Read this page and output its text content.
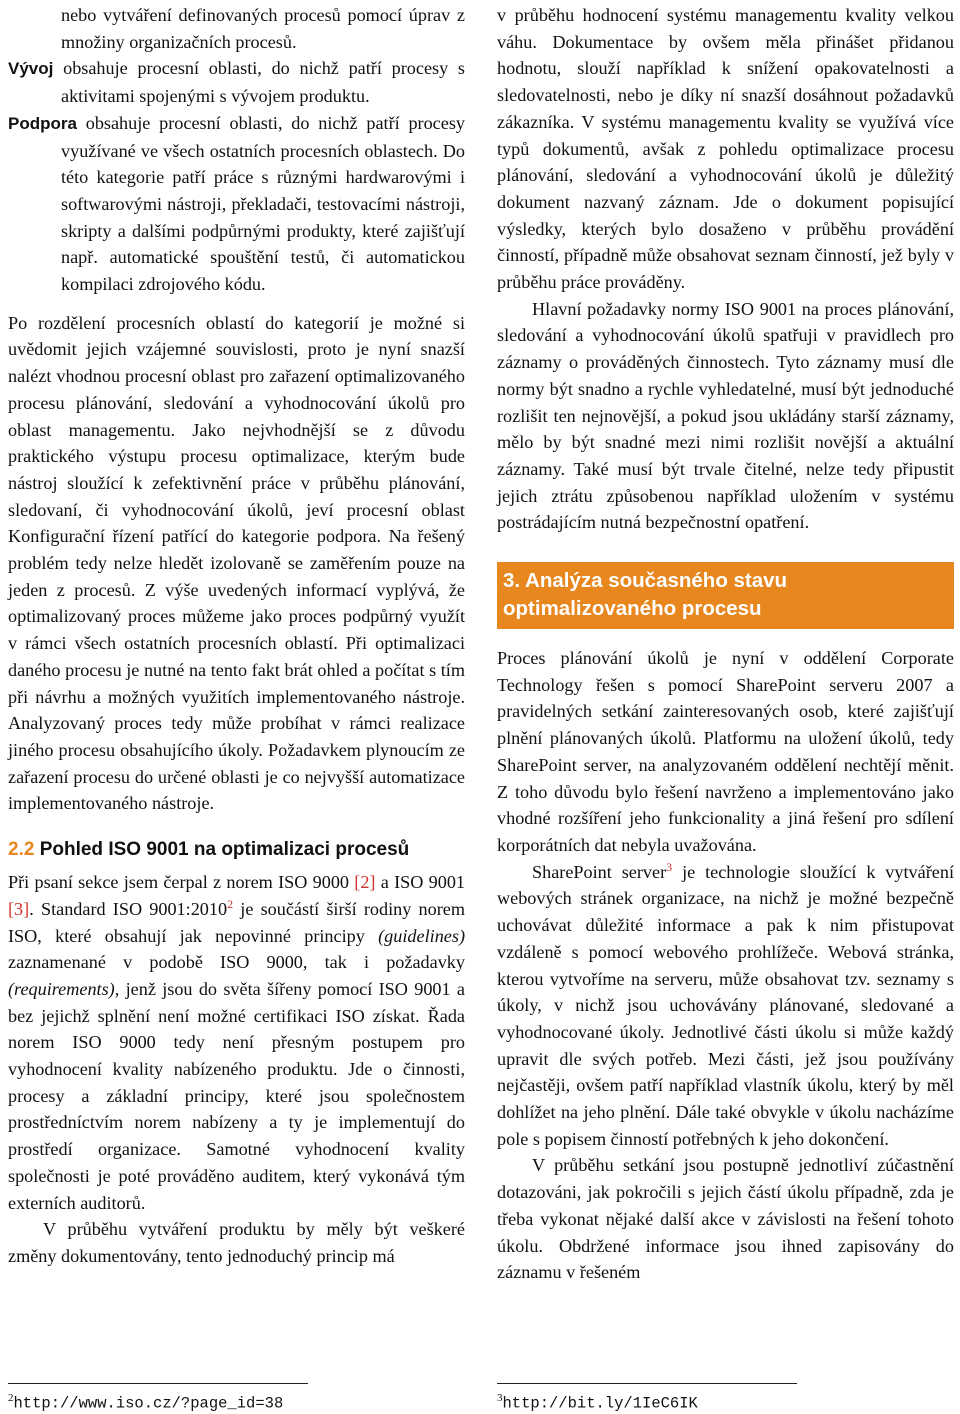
nebo vytváření definovaných procesů pomocí úprav z množiny organizačních procesů.

Vývoj obsahuje procesní oblasti, do nichž patří procesy s aktivitami spojenými s vývojem produktu.

Podpora obsahuje procesní oblasti, do nichž patří procesy využívané ve všech ostatních procesních oblastech. Do této kategorie patří práce s různými hardwarovými i softwarovými nástroji, překladači, testovacími nástroji, skripty a dalšími podpůrnými produkty, které zajišťují např. automatické spouštění testů, či automatickou kompilaci zdrojového kódu.

Po rozdělení procesních oblastí do kategorií je možné si uvědomit jejich vzájemné souvislosti, proto je nyní snazší nalézt vhodnou procesní oblast pro zařazení optimalizovaného procesu plánování, sledování a vyhodnocování úkolů pro oblast managementu. Jako nejvhodnější se z důvodu praktického výstupu procesu optimalizace, kterým bude nástroj sloužící k zefektivnění práce v průběhu plánování, sledovaní, či vyhodnocování úkolů, jeví procesní oblast Konfigurační řízení patřící do kategorie podpora. Na řešený problém tedy nelze hledět izolovaně se zaměřením pouze na jeden z procesů. Z výše uvedených informací vyplývá, že optimalizovaný proces můžeme jako proces podpůrný využít v rámci všech ostatních procesních oblastí. Při optimalizaci daného procesu je nutné na tento fakt brát ohled a počítat s tím při návrhu a možných využitích implementovaného nástroje. Analyzovaný proces tedy může probíhat v rámci realizace jiného procesu obsahujícího úkoly. Požadavkem plynoucím ze zařazení procesu do určené oblasti je co nejvyšší automatizace implementovaného nástroje.

2.2 Pohled ISO 9001 na optimalizaci procesů

Při psaní sekce jsem čerpal z norem ISO 9000 [2] a ISO 9001 [3]. Standard ISO 9001:2010$^2$ je součástí širší rodiny norem ISO, které obsahují jak nepovinné principy (guidelines) zaznamenané v podobě ISO 9000, tak i požadavky (requirements), jenž jsou do světa šířeny pomocí ISO 9001 a bez jejichž splnění není možné certifikaci ISO získat. Řada norem ISO 9000 tedy není přesným postupem pro vyhodnocení kvality nabízeného produktu. Jde o činnosti, procesy a základní principy, které jsou společnostem prostředníctvím norem nabízeny a ty je implementují do prostředí organizace. Samotné vyhodnocení kvality společnosti je poté prováděno auditem, který vykonává tým externích auditorů.

V průběhu vytváření produktu by měly být veškeré změny dokumentovány, tento jednoduchý princip má

v průběhu hodnocení systému managementu kvality velkou váhu. Dokumentace by ovšem měla přinášet přidanou hodnotu, slouží například k snížení opakovatelnosti a sledovatelnosti, nebo je díky ní snazší dosáhnout požadavků zákazníka. V systému managementu kvality se využívá více typů dokumentů, avšak z pohledu optimalizace procesu plánování, sledování a vyhodnocování úkolů je důležitý dokument nazvaný záznam. Jde o dokument popisující výsledky, kterých bylo dosaženo v průběhu provádění činností, případně může obsahovat seznam činností, jež byly v průběhu práce prováděny.

Hlavní požadavky normy ISO 9001 na proces plánování, sledování a vyhodnocování úkolů spatřuji v pravidlech pro záznamy o prováděných činnostech. Tyto záznamy musí dle normy být snadno a rychle vyhledatelné, musí být jednoduché rozlišit ten nejnovější, a pokud jsou ukládány starší záznamy, mělo by být snadné mezi nimi rozlišit novější a aktuální záznamy. Také musí být trvale čitelné, nelze tedy připustit jejich ztrátu způsobenou například uložením v systému postrádajícím nutná bezpečnostní opatření.

3. Analýza současného stavu optimalizovaného procesu

Proces plánování úkolů je nyní v oddělení Corporate Technology řešen s pomocí SharePoint serveru 2007 a pravidelných setkání zainteresovaných osob, které zajišťují plnění plánovaných úkolů. Platformu na uložení úkolů, tedy SharePoint server, na analyzovaném oddělení nechtějí měnit. Z toho důvodu bylo řešení navrženo a implementováno jako vhodné rozšíření jeho funkcionality a jiná řešení pro sdílení korporátních dat nebyla uvažována.

SharePoint server$^3$ je technologie sloužící k vytváření webových stránek organizace, na nichž je možné bezpečně uchovávat důležité informace a pak k nim přistupovat vzdáleně s pomocí webového prohlížeče. Webová stránka, kterou vytvoříme na serveru, může obsahovat tzv. seznamy s úkoly, v nichž jsou uchovávány plánované, sledované a vyhodnocované úkoly. Jednotlivé části úkolu si může každý upravit dle svých potřeb. Mezi části, jež jsou používány nejčastěji, ovšem patří například vlastník úkolu, který by měl dohlížet na jeho plnění. Dále také obvykle v úkolu nacházíme pole s popisem činností potřebných k jeho dokončení.

V průběhu setkání jsou postupně jednotliví zúčastnění dotazováni, jak pokročili s jejich částí úkolu případně, zda je třeba vykonat nějaké další akce v závislosti na řešení tohoto úkolu. Obdržené informace jsou ihned zapisovány do záznamu v řešeném

$^2$http://www.iso.cz/?page_id=38	$^3$http://bit.ly/1IeC6IK
